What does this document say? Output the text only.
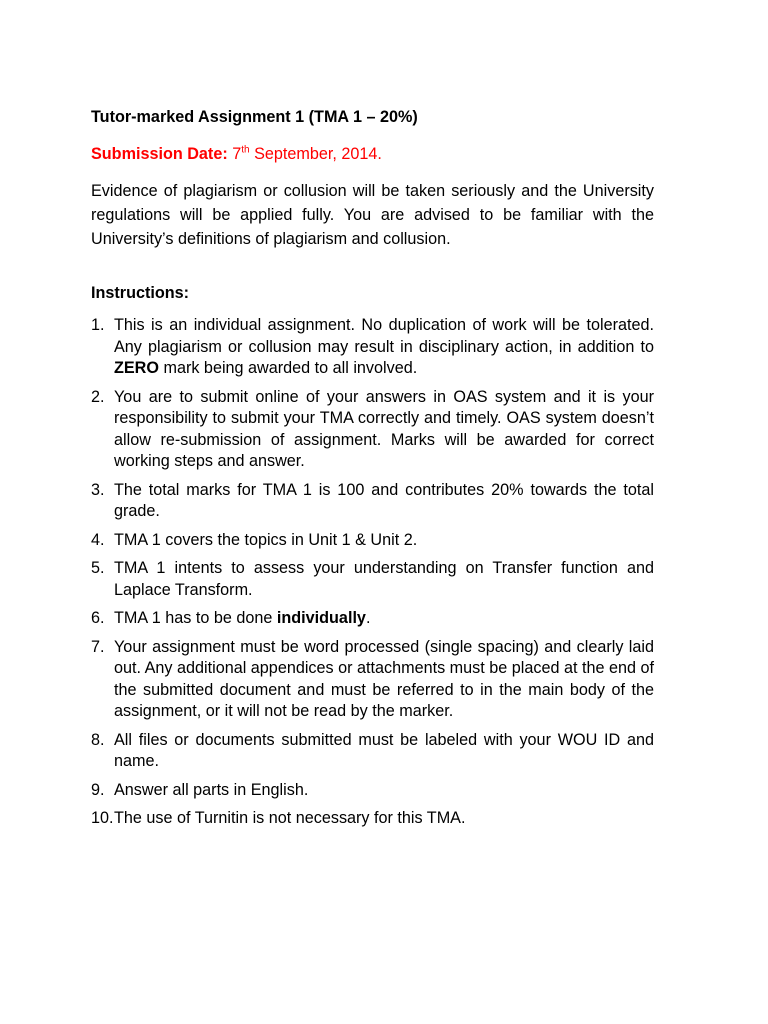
Tutor-marked Assignment 1 (TMA 1 – 20%)

Submission Date: 7th September, 2014.

Evidence of plagiarism or collusion will be taken seriously and the University regulations will be applied fully. You are advised to be familiar with the University’s definitions of plagiarism and collusion.

Instructions:

1. This is an individual assignment. No duplication of work will be tolerated. Any plagiarism or collusion may result in disciplinary action, in addition to ZERO mark being awarded to all involved.
2. You are to submit online of your answers in OAS system and it is your responsibility to submit your TMA correctly and timely. OAS system doesn’t allow re-submission of assignment. Marks will be awarded for correct working steps and answer.
3. The total marks for TMA 1 is 100 and contributes 20% towards the total grade.
4. TMA 1 covers the topics in Unit 1 & Unit 2.
5. TMA 1 intents to assess your understanding on Transfer function and Laplace Transform.
6. TMA 1 has to be done individually.
7. Your assignment must be word processed (single spacing) and clearly laid out. Any additional appendices or attachments must be placed at the end of the submitted document and must be referred to in the main body of the assignment, or it will not be read by the marker.
8. All files or documents submitted must be labeled with your WOU ID and name.
9. Answer all parts in English.
10. The use of Turnitin is not necessary for this TMA.
